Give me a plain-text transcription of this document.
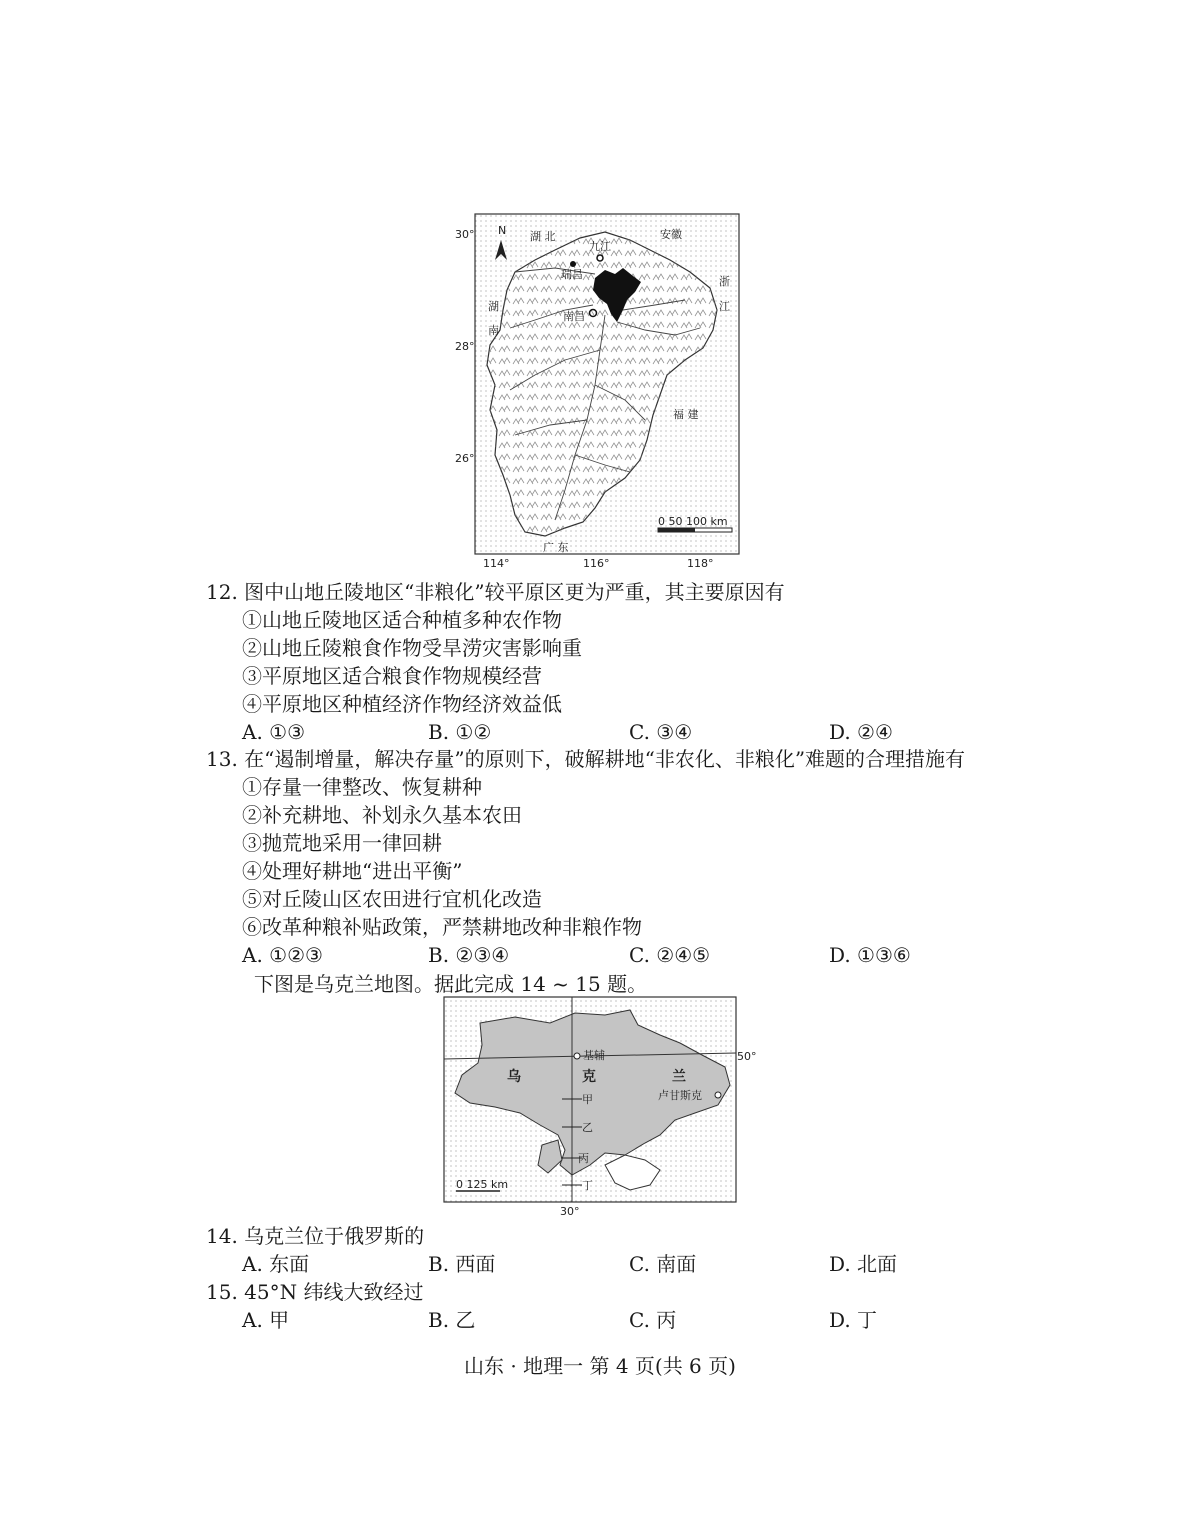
N 湖 北	安徽
浙
江
湖
南
福 建
广 东
九江
瑞昌
南昌
30°
28°
26°
114°	116°	118°
0 50 100 km
12. 图中山地丘陵地区“非粮化”较平原区更为严重，其主要原因有
①山地丘陵地区适合种植多种农作物
②山地丘陵粮食作物受旱涝灾害影响重
③平原地区适合粮食作物规模经营
④平原地区种植经济作物经济效益低
A. ①③	B. ①②	C. ③④	D. ②④
13. 在“遏制增量，解决存量”的原则下，破解耕地“非农化、非粮化”难题的合理措施有
①存量一律整改、恢复耕种
②补充耕地、补划永久基本农田
③抛荒地采用一律回耕
④处理好耕地“进出平衡”
⑤对丘陵山区农田进行宜机化改造
⑥改革种粮补贴政策，严禁耕地改种非粮作物
A. ①②③	B. ②③④	C. ②④⑤	D. ①③⑥
下图是乌克兰地图。据此完成 14 ~ 15 题。
50°
30°
乌	克	兰
基辅
卢甘斯克
甲
乙
丙
丁
0 125 km
14. 乌克兰位于俄罗斯的
A. 东面	B. 西面	C. 南面	D. 北面
15. 45°N 纬线大致经过
A. 甲	B. 乙	C. 丙	D. 丁
山东 · 地理一 第 4 页(共 6 页)
